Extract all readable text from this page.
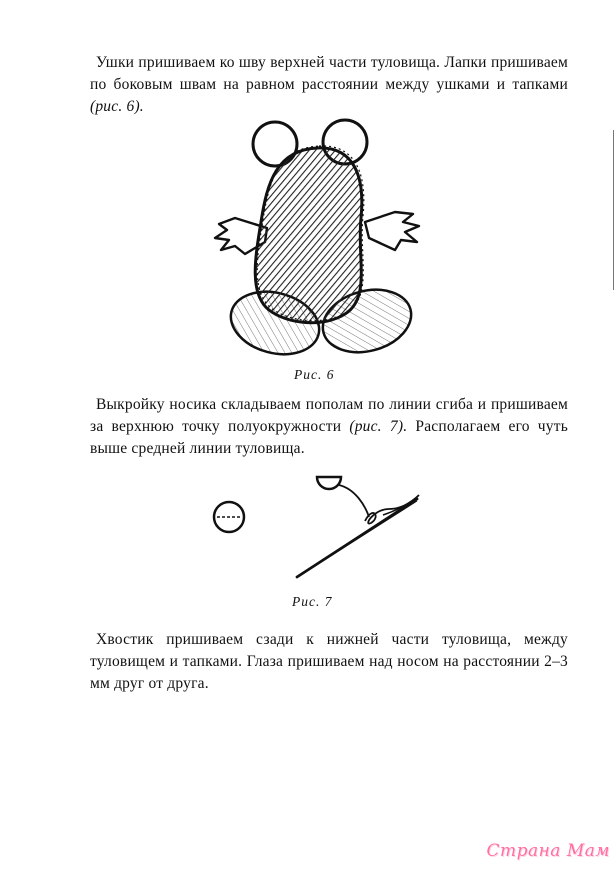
Ушки пришиваем ко шву верхней части туловища. Лапки пришиваем по боковым швам на равном расстоянии между ушками и тапками (рис. 6).

Рис. 6

Выкройку носика складываем пополам по линии сгиба и пришиваем за верхнюю точку полуокружности (рис. 7). Располагаем его чуть выше средней линии туловища.

Рис. 7

Хвостик пришиваем сзади к нижней части туловища, между туловищем и тапками. Глаза пришиваем над носом на расстоянии 2–3 мм друг от друга.

Страна Мам
